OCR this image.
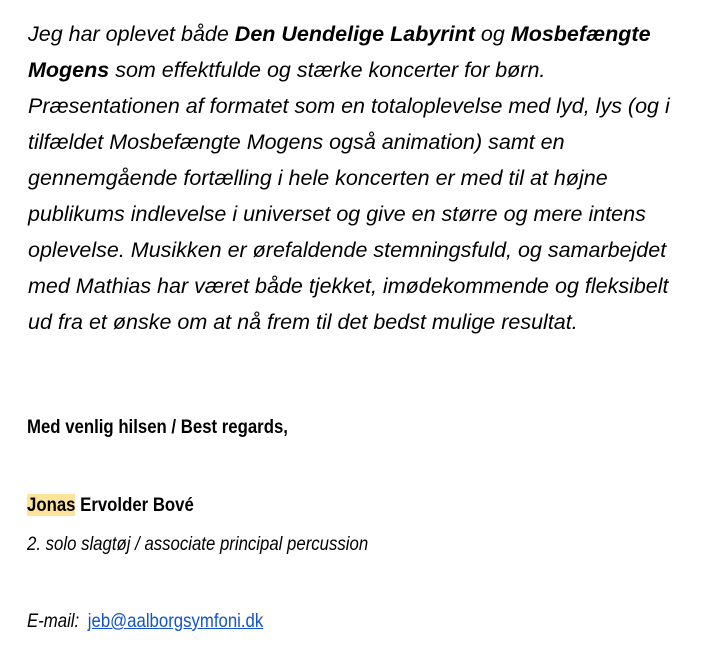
Jeg har oplevet både Den Uendelige Labyrint og Mosbefængte Mogens som effektfulde og stærke koncerter for børn. Præsentationen af formatet som en totaloplevelse med lyd, lys (og i tilfældet Mosbefængte Mogens også animation) samt en gennemgående fortælling i hele koncerten er med til at højne publikums indlevelse i universet og give en større og mere intens oplevelse. Musikken er ørefaldende stemningsfuld, og samarbejdet med Mathias har været både tjekket, imødekommende og fleksibelt ud fra et ønske om at nå frem til det bedst mulige resultat.

Med venlig hilsen / Best regards,

Jonas Ervolder Bové

2. solo slagtøj / associate principal percussion

E-mail: jeb@aalborgsymfoni.dk
